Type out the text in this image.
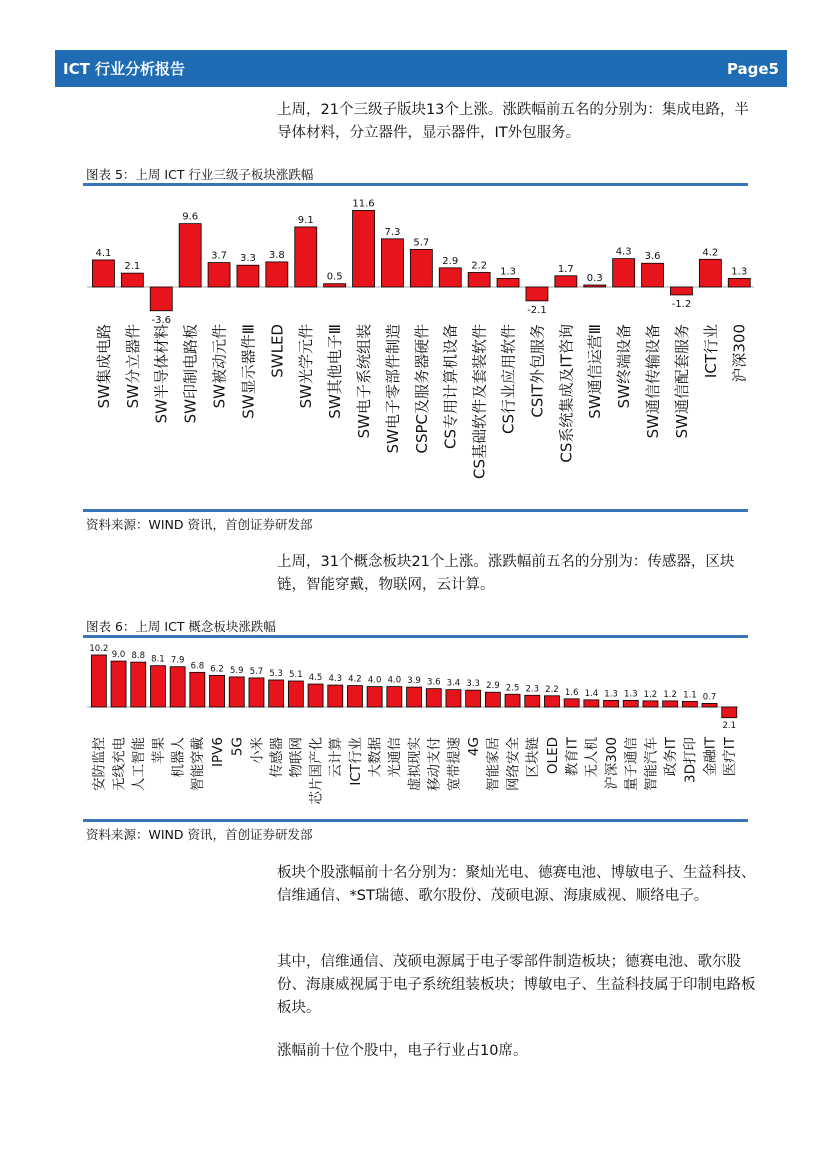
ICT 行业分析报告	Page5

上周，21个三级子版块13个上涨。涨跌幅前五名的分别为：集成电路，半导体材料，分立器件，显示器件，IT外包服务。

图表 5：上周 ICT 行业三级子板块涨跌幅

4.1
SW集成电路
2.1
SW分立器件
-3.6
SW半导体材料
9.6
SW印制电路板
3.7
SW被动元件
3.3
SW显示器件Ⅲ
3.8
SWLED
9.1
SW光学元件
0.5
SW其他电子Ⅲ
11.6
SW电子系统组装
7.3
SW电子零部件制造
5.7
CSPC及服务器硬件
2.9
CS专用计算机设备
2.2
CS基础软件及套装软件
1.3
CS行业应用软件
-2.1
CSIT外包服务
1.7
CS系统集成及IT咨询
0.3
SW通信运营Ⅲ
4.3
SW终端设备
3.6
SW通信传输设备
-1.2
SW通信配套服务
4.2
ICT行业
1.3
沪深300

资料来源：WIND 资讯，首创证券研发部

上周，31个概念板块21个上涨。涨跌幅前五名的分别为：传感器，区块链，智能穿戴，物联网，云计算。

图表 6：上周 ICT 概念板块涨跌幅

10.2
安防监控
9.0
无线充电
8.8
人工智能
8.1
苹果
7.9
机器人
6.8
智能穿戴
6.2
IPV6
5.9
5G
5.7
小米
5.3
传感器
5.1
物联网
4.5
芯片国产化
4.3
云计算
4.2
ICT行业
4.0
大数据
4.0
光通信
3.9
虚拟现实
3.6
移动支付
3.4
宽带提速
3.3
4G
2.9
智能家居
2.5
网络安全
2.3
区块链
2.2
OLED
1.6
教育IT
1.4
无人机
1.3
沪深300
1.3
量子通信
1.2
智能汽车
1.2
政务IT
1.1
3D打印
0.7
金融IT
2.1
医疗IT

资料来源：WIND 资讯，首创证券研发部

板块个股涨幅前十名分别为：聚灿光电、德赛电池、博敏电子、生益科技、信维通信、*ST瑞德、歌尔股份、茂硕电源、海康威视、顺络电子。

其中，信维通信、茂硕电源属于电子零部件制造板块；德赛电池、歌尔股份、海康威视属于电子系统组装板块；博敏电子、生益科技属于印制电路板板块。

涨幅前十位个股中，电子行业占10席。
